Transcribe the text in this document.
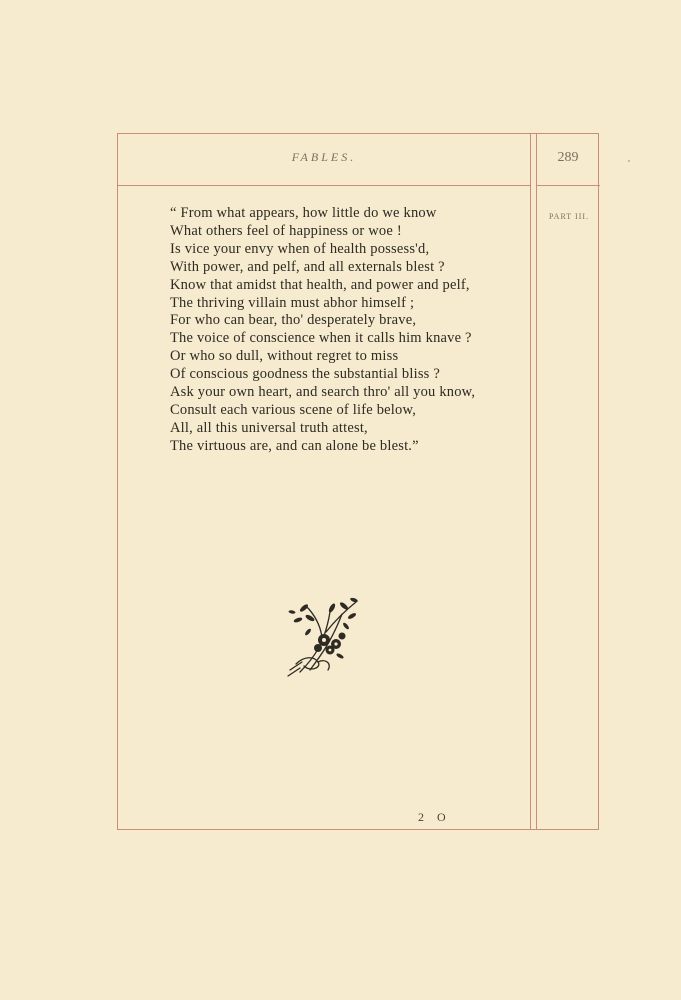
FABLES.	289
PART III.
“ From what appears, how little do we know
What others feel of happiness or woe !
Is vice your envy when of health possess'd,
With power, and pelf, and all externals blest ?
Know that amidst that health, and power and pelf,
The thriving villain must abhor himself ;
For who can bear, tho' desperately brave,
The voice of conscience when it calls him knave ?
Or who so dull, without regret to miss
Of conscious goodness the substantial bliss ?
Ask your own heart, and search thro' all you know,
Consult each various scene of life below,
All, all this universal truth attest,
The virtuous are, and can alone be blest.”
2 O
